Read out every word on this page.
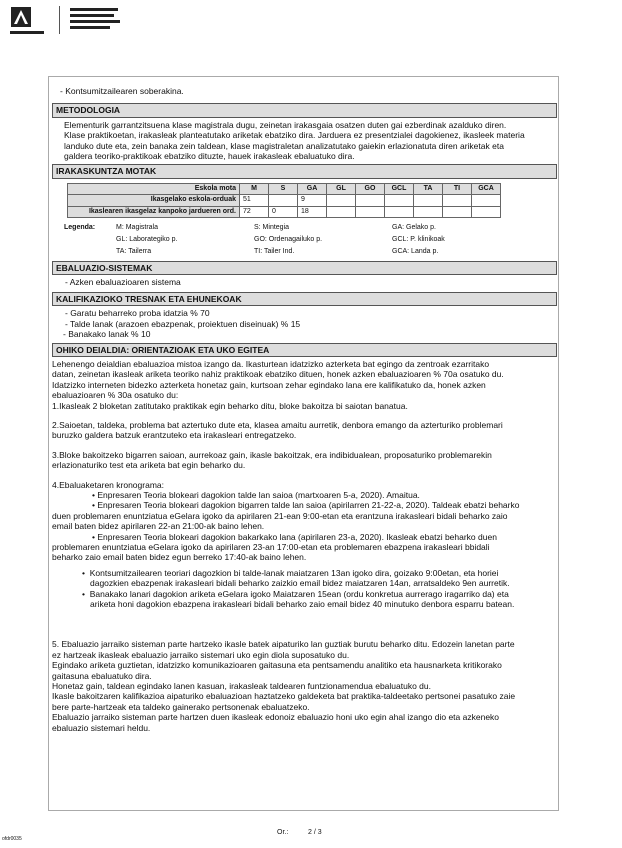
- Kontsumitzailearen soberakina.
METODOLOGIA
Elementurik garrantzitsuena klase magistrala dugu, zeinetan irakasgaia osatzen duten gai ezberdinak azalduko diren.
Klase praktikoetan, irakasleak planteatutako ariketak ebatziko dira. Jarduera ez presentzialei dagokienez, ikasleek materia
landuko dute eta, zein banaka zein taldean, klase magistraletan analizatutako gaiekin erlazionatuta diren ariketak eta
galdera teoriko-praktikoak ebatziko dituzte, hauek irakasleak ebaluatuko dira.
IRAKASKUNTZA MOTAK
Eskola mota	M	S	GA	GL	GO	GCL	TA	TI	GCA
Ikasgelako eskola-orduak	51		9						
Ikaslearen ikasgelaz kanpoko jardueren ord.	72	0	18						
Legenda:	M: Magistrala	S: Mintegia	GA: Gelako p.
GL: Laborategiko p.	GO: Ordenagailuko p.	GCL: P. klinikoak
TA: Tailerra	TI: Tailer Ind.	GCA: Landa p.
EBALUAZIO-SISTEMAK
- Azken ebaluazioaren sistema
KALIFIKAZIOKO TRESNAK ETA EHUNEKOAK
- Garatu beharreko proba idatzia % 70
- Talde lanak (arazoen ebazpenak, proiektuen diseinuak) % 15
- Banakako lanak % 10
OHIKO DEIALDIA: ORIENTAZIOAK ETA UKO EGITEA
Lehenengo deialdian ebaluazioa mistoa izango da. Ikasturtean idatzizko azterketa bat egingo da zentroak ezarritako
datan, zeinetan ikasleak ariketa teoriko nahiz praktikoak ebatziko dituen, honek azken ebaluazioaren % 70a osatuko du.
Idatzizko interneten bidezko azterketa honetaz gain, kurtsoan zehar egindako lana ere kalifikatuko da, honek azken
ebaluazioaren % 30a osatuko du:
1.Ikasleak 2 bloketan zatitutako praktikak egin beharko ditu, bloke bakoitza bi saiotan banatua.
2.Saioetan, taldeka, problema bat aztertuko dute eta, klasea amaitu aurretik, denbora emango da azterturiko problemari
buruzko galdera batzuk erantzuteko eta irakasleari entregatzeko.
3.Bloke bakoitzeko bigarren saioan, aurrekoaz gain, ikasle bakoitzak, era indibidualean, proposaturiko problemarekin
erlazionaturiko test eta ariketa bat egin beharko du.
4.Ebaluaketaren kronograma:
• Enpresaren Teoria blokeari dagokion talde lan saioa (martxoaren 5-a, 2020). Amaitua.
• Enpresaren Teoria blokeari dagokion bigarren talde lan saioa (apirilarren 21-22-a, 2020). Taldeak ebatzi beharko
duen problemaren enuntziatua eGelara igoko da apirilaren 21-ean 9:00-etan eta erantzuna irakasleari bidali beharko zaio
email baten bidez apirilaren 22-an 21:00-ak baino lehen.
• Enpresaren Teoria blokeari dagokion bakarkako lana (apirilaren 23-a, 2020). Ikasleak ebatzi beharko duen
problemaren enuntziatua eGelara igoko da apirilaren 23-an 17:00-etan eta problemaren ebazpena irakasleari bbidali
beharko zaio email baten bidez egun berreko 17:40-ak baino lehen.
•  Kontsumitzailearen teoriari dagozkion bi talde-lanak maiatzaren 13an igoko dira, goizako 9:00etan, eta horiei
dagozkien ebazpenak irakasleari bidali beharko zaizkio email bidez maiatzaren 14an, arratsaldeko 9en aurretik.
•  Banakako lanari dagokion ariketa eGelara igoko Maiatzaren 15ean (ordu konkretua aurrerago iragarriko da) eta
ariketa honi dagokion ebazpena irakasleari bidali beharko zaio email bidez 40 minutuko denbora esparru batean.
5. Ebaluazio jarraiko sisteman parte hartzeko ikasle batek aipaturiko lan guztiak burutu beharko ditu. Edozein lanetan parte
ez hartzeak ikasleak ebaluazio jarraiko sistemari uko egin diola suposatuko du.
Egindako ariketa guztietan, idatzizko komunikazioaren gaitasuna eta pentsamendu analitiko eta hausnarketa kritikorako
gaitasuna ebaluatuko dira.
Honetaz gain, taldean egindako lanen kasuan, irakasleak taldearen funtzionamendua ebaluatuko du.
Ikasle bakoitzaren kalifikazioa aipaturiko ebaluazioan haztatzeko galdeketa bat praktika-taldeetako pertsonei pasatuko zaie
bere parte-hartzeak eta taldeko gainerako pertsonenak ebaluatzeko.
Ebaluazio jarraiko sisteman parte hartzen duen ikasleak edonoiz ebaluazio honi uko egin ahal izango dio eta azkeneko
ebaluazio sistemari heldu.
ofdr0035
Or.:	2 / 3
